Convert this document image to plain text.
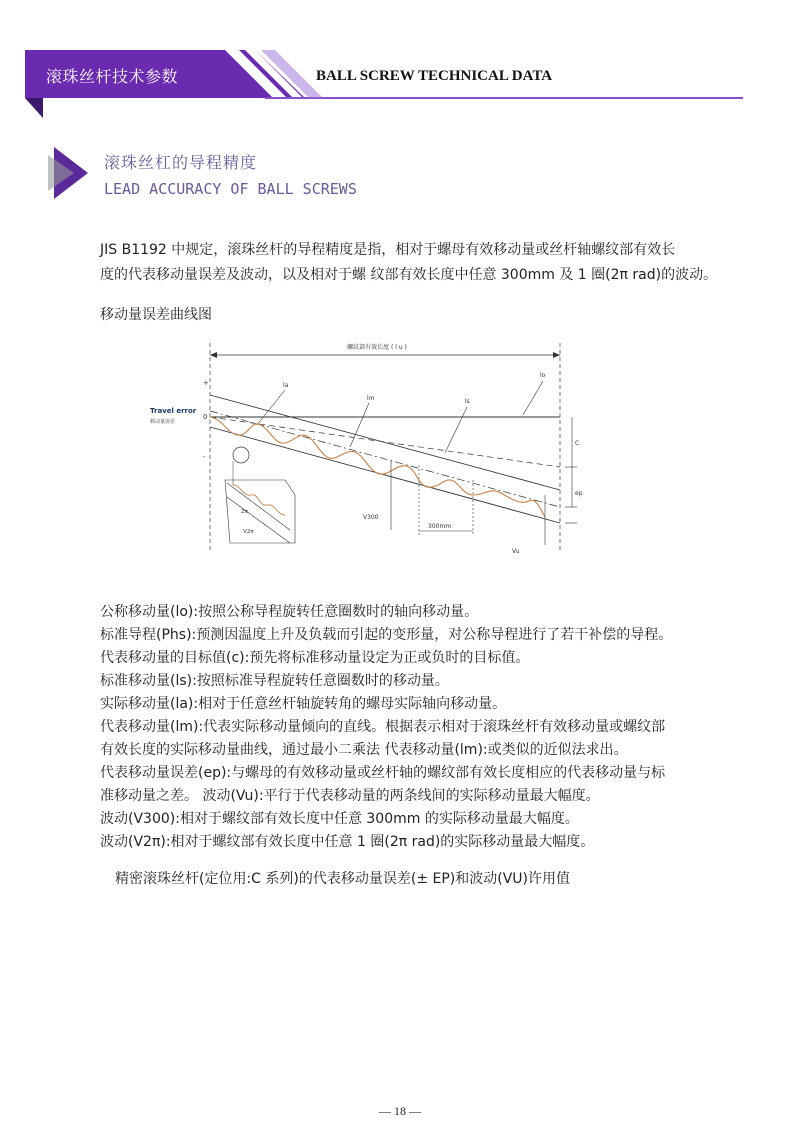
滚珠丝杆技术参数	BALL SCREW TECHNICAL DATA
滚珠丝杠的导程精度
LEAD ACCURACY OF BALL SCREWS
JIS B1192 中规定，滚珠丝杆的导程精度是指，相对于螺母有效移动量或丝杆轴螺纹部有效长
度的代表移动量误差及波动，以及相对于螺 纹部有效长度中任意 300mm 及 1 圈(2π rad)的波动。
移动量误差曲线图
螺纹部有效长度 ( l u )
+
0
-
Travel error
移动量误差
lo
la
lm	ls
C
ep
V300
300mm
Vu
2π
V2π
公称移动量(lo):按照公称导程旋转任意圈数时的轴向移动量。
标准导程(Phs):预测因温度上升及负载而引起的变形量，对公称导程进行了若干补偿的导程。
代表移动量的目标值(c):预先将标准移动量设定为正或负时的目标值。
标准移动量(ls):按照标准导程旋转任意圈数时的移动量。
实际移动量(la):相对于任意丝杆轴旋转角的螺母实际轴向移动量。
代表移动量(lm):代表实际移动量倾向的直线。根据表示相对于滚珠丝杆有效移动量或螺纹部
有效长度的实际移动量曲线，通过最小二乘法 代表移动量(lm):或类似的近似法求出。
代表移动量误差(ep):与螺母的有效移动量或丝杆轴的螺纹部有效长度相应的代表移动量与标
准移动量之差。 波动(Vu):平行于代表移动量的两条线间的实际移动量最大幅度。
波动(V300):相对于螺纹部有效长度中任意 300mm 的实际移动量最大幅度。
波动(V2π):相对于螺纹部有效长度中任意 1 圈(2π rad)的实际移动量最大幅度。
精密滚珠丝杆(定位用:C 系列)的代表移动量误差(± EP)和波动(VU)许用值
— 18 —
